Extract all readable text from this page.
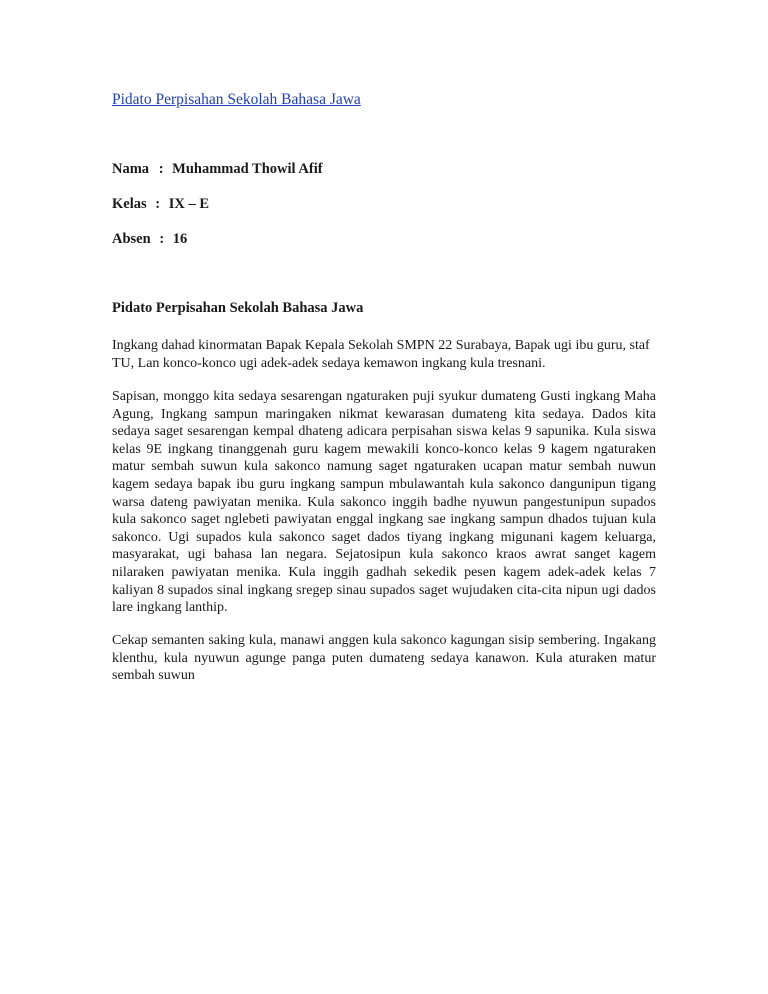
Pidato Perpisahan Sekolah Bahasa Jawa
Nama : Muhammad Thowil Afif
Kelas : IX – E
Absen : 16
Pidato Perpisahan Sekolah Bahasa Jawa

Ingkang dahad kinormatan Bapak Kepala Sekolah SMPN 22 Surabaya, Bapak ugi ibu guru, staf TU, Lan konco-konco ugi adek-adek sedaya kemawon ingkang kula tresnani.

Sapisan, monggo kita sedaya sesarengan ngaturaken puji syukur dumateng Gusti ingkang Maha Agung, Ingkang sampun maringaken nikmat kewarasan dumateng kita sedaya. Dados kita sedaya saget sesarengan kempal dhateng adicara perpisahan siswa kelas 9 sapunika. Kula siswa kelas 9E ingkang tinanggenah guru kagem mewakili konco-konco kelas 9 kagem ngaturaken matur sembah suwun kula sakonco namung saget ngaturaken ucapan matur sembah nuwun kagem sedaya bapak ibu guru ingkang sampun mbulawantah kula sakonco dangunipun tigang warsa dateng pawiyatan menika. Kula sakonco inggih badhe nyuwun pangestunipun supados kula sakonco saget nglebeti pawiyatan enggal ingkang sae ingkang sampun dhados tujuan kula sakonco. Ugi supados kula sakonco saget dados tiyang ingkang migunani kagem keluarga, masyarakat, ugi bahasa lan negara. Sejatosipun kula sakonco kraos awrat sanget kagem nilaraken pawiyatan menika. Kula inggih gadhah sekedik pesen kagem adek-adek kelas 7 kaliyan 8 supados sinal ingkang sregep sinau supados saget wujudaken cita-cita nipun ugi dados lare ingkang lanthip.

Cekap semanten saking kula, manawi anggen kula sakonco kagungan sisip sembering. Ingakang klenthu, kula nyuwun agunge panga puten dumateng sedaya kanawon. Kula aturaken matur sembah suwun
